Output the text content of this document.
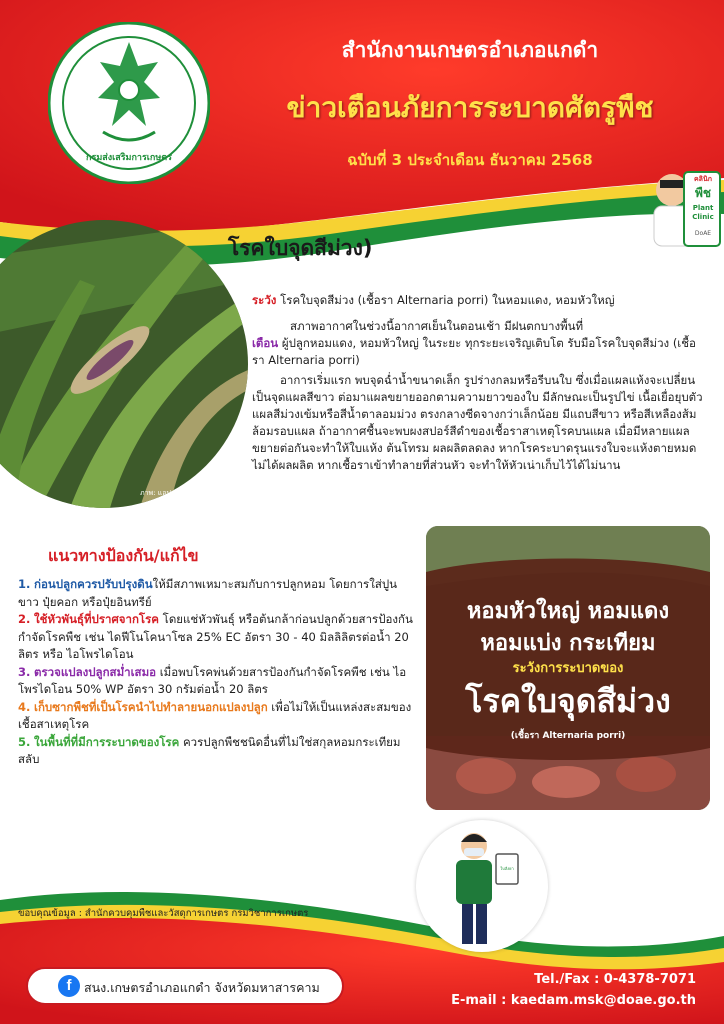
กรมส่งเสริมการเกษตร
สำนักงานเกษตรอำเภอแกดำ
ข่าวเตือนภัยการระบาดศัตรูพืช
ฉบับที่ 3 ประจำเดือน ธันวาคม 2568
คลินิก
พืช
Plant
Clinic
DoAE
ภาพ: แอปฯตรวจดิน
โรคใบจุดสีม่วง)
ระวัง โรคใบจุดสีม่วง (เชื้อรา Alternaria porri) ในหอมแดง, หอมหัวใหญ่
สภาพอากาศในช่วงนี้อากาศเย็นในตอนเช้า มีฝนตกบางพื้นที่
เตือน ผู้ปลูกหอมแดง, หอมหัวใหญ่ ในระยะ ทุกระยะเจริญเติบโต รับมือโรคใบจุดสีม่วง (เชื้อรา Alternaria porri)
อาการเริ่มแรก พบจุดฉ่ำน้ำขนาดเล็ก รูปร่างกลมหรือรีบนใบ ซึ่งเมื่อแผลแห้งจะเปลี่ยนเป็นจุดแผลสีขาว ต่อมาแผลขยายออกตามความยาวของใบ มีลักษณะเป็นรูปไข่ เนื้อเยื่อยุบตัว แผลสีม่วงเข้มหรือสีน้ำตาลอมม่วง ตรงกลางซีดจางกว่าเล็กน้อย มีแถบสีขาว หรือสีเหลืองส้มล้อมรอบแผล ถ้าอากาศชื้นจะพบผงสปอร์สีดำของเชื้อราสาเหตุโรคบนแผล เมื่อมีหลายแผลขยายต่อกันจะทำให้ใบแห้ง ต้นโทรม ผลผลิตลดลง หากโรคระบาดรุนแรงใบจะแห้งตายหมด ไม่ได้ผลผลิต หากเชื้อราเข้าทำลายที่ส่วนหัว จะทำให้หัวเน่าเก็บไว้ได้ไม่นาน
แนวทางป้องกัน/แก้ไข
1. ก่อนปลูกควรปรับปรุงดินให้มีสภาพเหมาะสมกับการปลูกหอม โดยการใส่ปูนขาว ปุ๋ยคอก หรือปุ๋ยอินทรีย์
2. ใช้หัวพันธุ์ที่ปราศจากโรค โดยแช่หัวพันธุ์ หรือต้นกล้าก่อนปลูกด้วยสารป้องกันกำจัดโรคพืช เช่น ไดฟีโนโคนาโซล 25% EC อัตรา 30 - 40 มิลลิลิตรต่อน้ำ 20 ลิตร หรือ ไอโพรไดโอน
3. ตรวจแปลงปลูกสม่ำเสมอ เมื่อพบโรคพ่นด้วยสารป้องกันกำจัดโรคพืช เช่น ไอโพรไดโอน 50% WP อัตรา 30 กรัมต่อน้ำ 20 ลิตร
4. เก็บซากพืชที่เป็นโรคนำไปทำลายนอกแปลงปลูก เพื่อไม่ให้เป็นแหล่งสะสมของเชื้อสาเหตุโรค
5. ในพื้นที่ที่มีการระบาดของโรค ควรปลูกพืชชนิดอื่นที่ไม่ใช่สกุลหอมกระเทียมสลับ
หอมหัวใหญ่ หอมแดง
หอมแบ่ง กระเทียม
ระวังการระบาดของ
โรคใบจุดสีม่วง
(เชื้อรา Alternaria porri)
ใบสั่งยา
ขอบคุณข้อมูล : สำนักควบคุมพืชและวัสดุการเกษตร กรมวิชาการเกษตร
f	สนง.เกษตรอำเภอแกดำ จังหวัดมหาสารคาม
Tel./Fax : 0-4378-7071
E-mail : kaedam.msk@doae.go.th
